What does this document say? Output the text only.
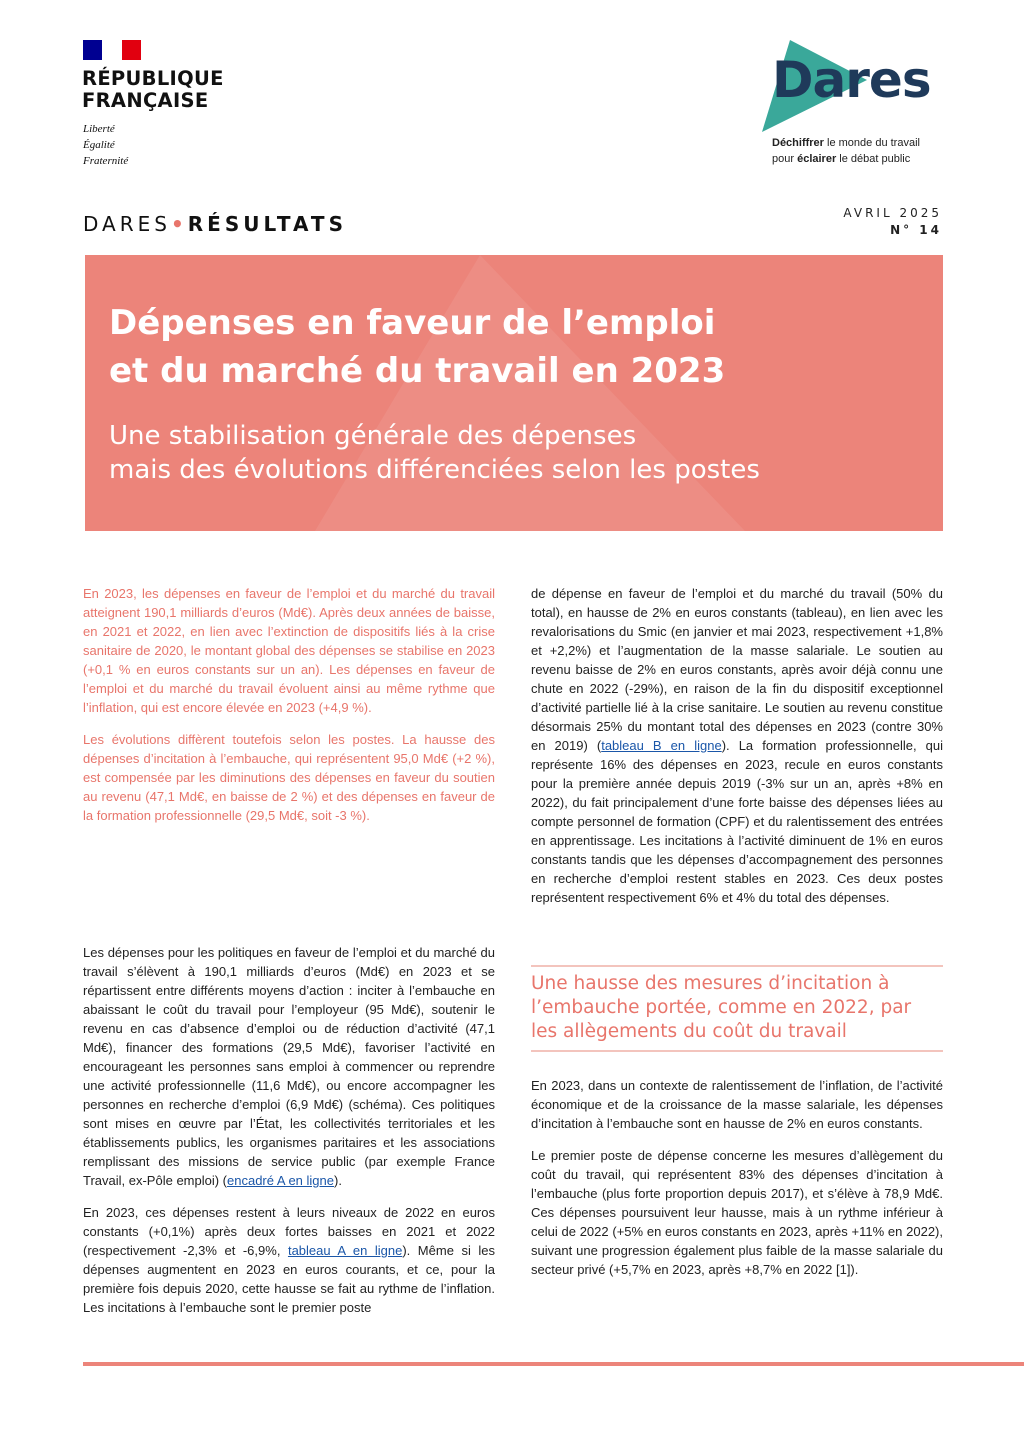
RÉPUBLIQUE
FRANÇAISE
Liberté
Égalité
Fraternité
Dares
Déchiffrer le monde du travail
pour éclairer le débat public
DARES•RÉSULTATS	AVRIL 2025
N° 14
Dépenses en faveur de l’emploi
et du marché du travail en 2023
Une stabilisation générale des dépenses
mais des évolutions différenciées selon les postes

En 2023, les dépenses en faveur de l’emploi et du marché du travail atteignent 190,1 milliards d’euros (Md€). Après deux années de baisse, en 2021 et 2022, en lien avec l’extinction de dispositifs liés à la crise sanitaire de 2020, le montant global des dépenses se stabilise en 2023 (+0,1 % en euros constants sur un an). Les dépenses en faveur de l’emploi et du marché du travail évoluent ainsi au même rythme que l’inflation, qui est encore élevée en 2023 (+4,9 %).

Les évolutions diffèrent toutefois selon les postes. La hausse des dépenses d’incitation à l’embauche, qui représentent 95,0 Md€ (+2 %), est compensée par les diminutions des dépenses en faveur du soutien au revenu (47,1 Md€, en baisse de 2 %) et des dépenses en faveur de la formation professionnelle (29,5 Md€, soit -3 %).

Les dépenses pour les politiques en faveur de l’emploi et du marché du travail s’élèvent à 190,1 milliards d’euros (Md€) en 2023 et se répartissent entre différents moyens d’action : inciter à l’embauche en abaissant le coût du travail pour l’employeur (95 Md€), soutenir le revenu en cas d’absence d’emploi ou de réduction d’activité (47,1 Md€), financer des formations (29,5 Md€), favoriser l’activité en encourageant les personnes sans emploi à commencer ou reprendre une activité professionnelle (11,6 Md€), ou encore accompagner les personnes en recherche d’emploi (6,9 Md€) (schéma). Ces politiques sont mises en œuvre par l’État, les collectivités territoriales et les établissements publics, les organismes paritaires et les associations remplissant des missions de service public (par exemple France Travail, ex-Pôle emploi) (encadré A en ligne).

En 2023, ces dépenses restent à leurs niveaux de 2022 en euros constants (+0,1%) après deux fortes baisses en 2021 et 2022 (respectivement -2,3% et -6,9%, tableau A en ligne). Même si les dépenses augmentent en 2023 en euros courants, et ce, pour la première fois depuis 2020, cette hausse se fait au rythme de l’inflation. Les incitations à l’embauche sont le premier poste

de dépense en faveur de l’emploi et du marché du travail (50% du total), en hausse de 2% en euros constants (tableau), en lien avec les revalorisations du Smic (en janvier et mai 2023, respectivement +1,8% et +2,2%) et l’augmentation de la masse salariale. Le soutien au revenu baisse de 2% en euros constants, après avoir déjà connu une chute en 2022 (-29%), en raison de la fin du dispositif exceptionnel d’activité partielle lié à la crise sanitaire. Le soutien au revenu constitue désormais 25% du montant total des dépenses en 2023 (contre 30% en 2019) (tableau B en ligne). La formation professionnelle, qui représente 16% des dépenses en 2023, recule en euros constants pour la première année depuis 2019 (-3% sur un an, après +8% en 2022), du fait principalement d’une forte baisse des dépenses liées au compte personnel de formation (CPF) et du ralentissement des entrées en apprentissage. Les incitations à l’activité diminuent de 1% en euros constants tandis que les dépenses d’accompagnement des personnes en recherche d’emploi restent stables en 2023. Ces deux postes représentent respectivement 6% et 4% du total des dépenses.

Une hausse des mesures d’incitation à l’embauche portée, comme en 2022, par les allègements du coût du travail

En 2023, dans un contexte de ralentissement de l’inflation, de l’activité économique et de la croissance de la masse salariale, les dépenses d’incitation à l’embauche sont en hausse de 2% en euros constants.

Le premier poste de dépense concerne les mesures d’allègement du coût du travail, qui représentent 83% des dépenses d’incitation à l’embauche (plus forte proportion depuis 2017), et s’élève à 78,9 Md€. Ces dépenses poursuivent leur hausse, mais à un rythme inférieur à celui de 2022 (+5% en euros constants en 2023, après +11% en 2022), suivant une progression également plus faible de la masse salariale du secteur privé (+5,7% en 2023, après +8,7% en 2022 [1]).
